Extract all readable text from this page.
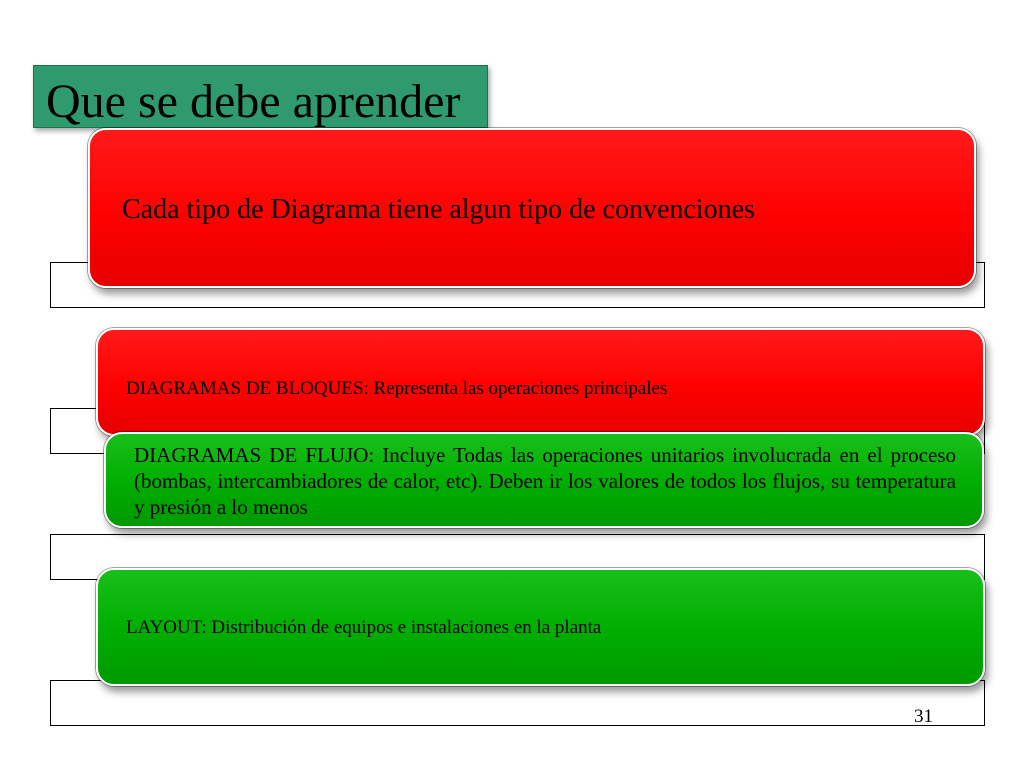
Que se debe aprender
Cada tipo de Diagrama tiene algun tipo de convenciones
DIAGRAMAS DE BLOQUES: Representa las operaciones principales
DIAGRAMAS DE FLUJO: Incluye Todas las operaciones unitarios involucrada en el proceso (bombas, intercambiadores de calor, etc). Deben ir los valores de todos los flujos, su temperatura y presión a lo menos
LAYOUT: Distribución de equipos e instalaciones en la planta
31
